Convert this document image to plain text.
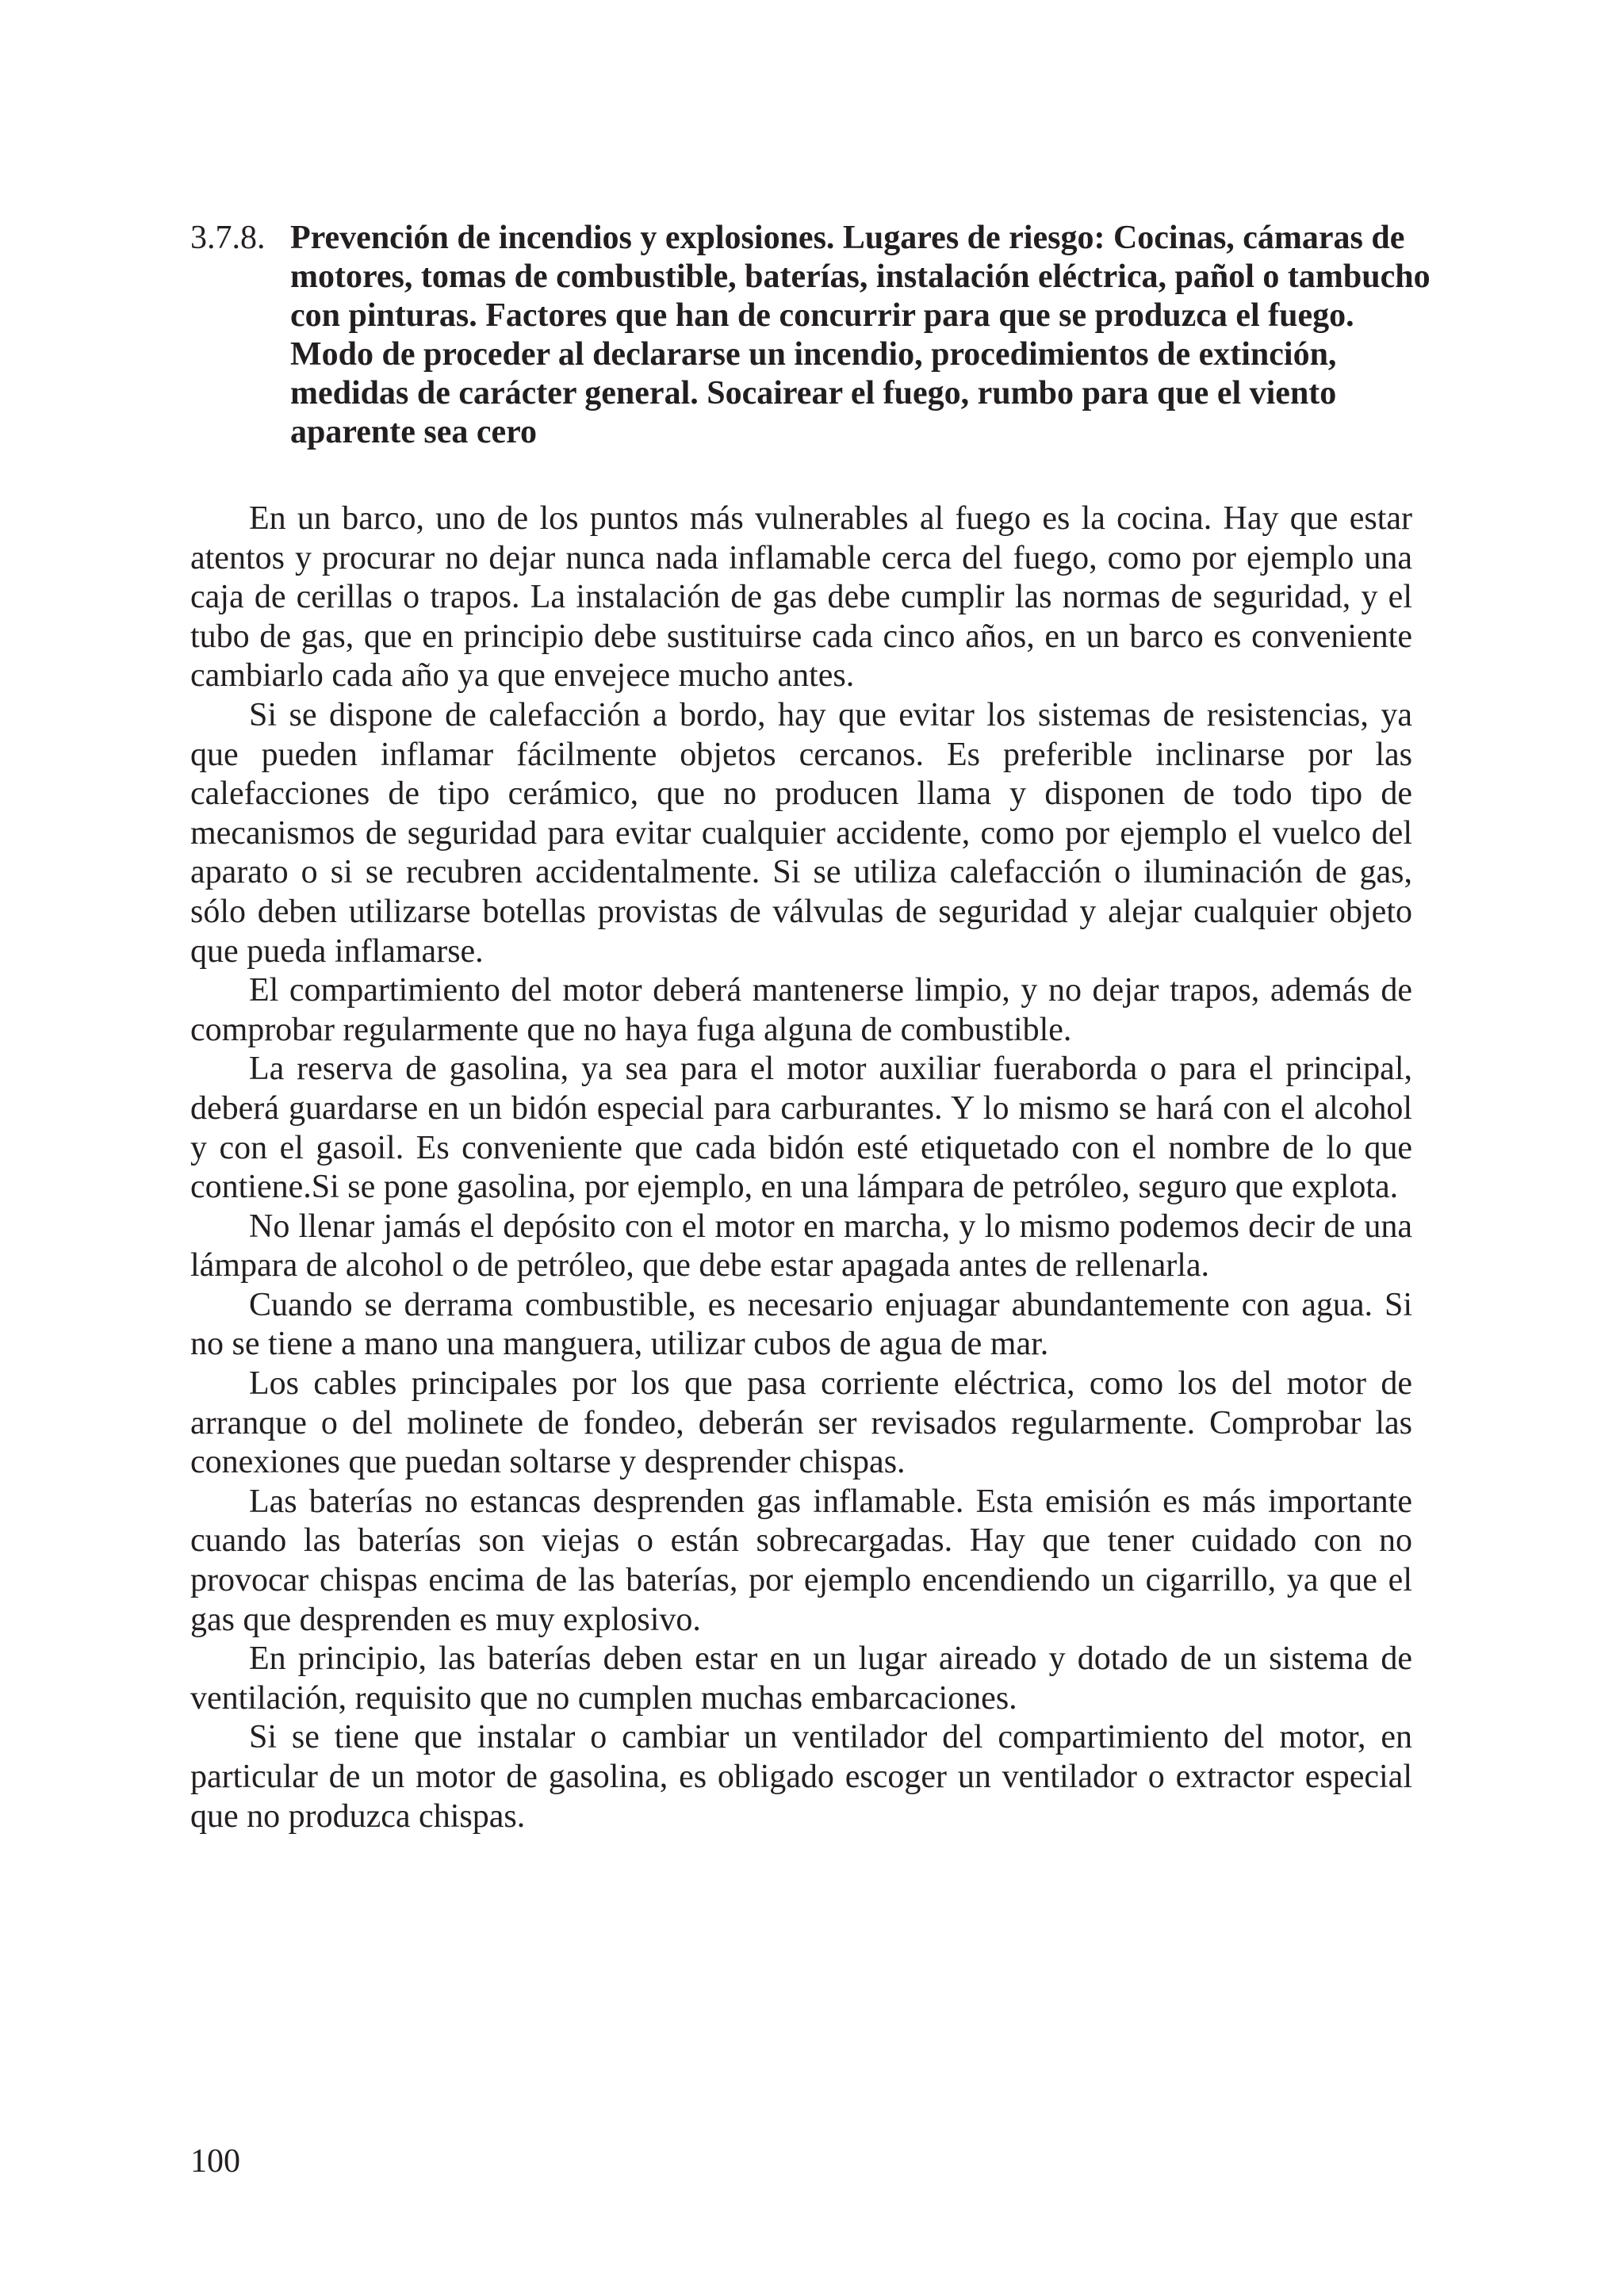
3.7.8. Prevención de incendios y explosiones. Lugares de riesgo: Cocinas, cámaras de motores, tomas de combustible, baterías, instalación eléctrica, pañol o tambucho con pinturas. Factores que han de concurrir para que se produzca el fuego. Modo de proceder al declararse un incendio, procedimientos de extinción, medidas de carácter general. Socairear el fuego, rumbo para que el viento aparente sea cero

En un barco, uno de los puntos más vulnerables al fuego es la cocina. Hay que estar atentos y procurar no dejar nunca nada inflamable cerca del fuego, como por ejemplo una caja de cerillas o trapos. La instalación de gas debe cumplir las normas de seguridad, y el tubo de gas, que en principio debe sustituirse cada cinco años, en un barco es conveniente cambiarlo cada año ya que envejece mucho antes.

Si se dispone de calefacción a bordo, hay que evitar los sistemas de resistencias, ya que pueden inflamar fácilmente objetos cercanos. Es preferible inclinarse por las calefacciones de tipo cerámico, que no producen llama y disponen de todo tipo de mecanismos de seguridad para evitar cualquier accidente, como por ejemplo el vuelco del aparato o si se recubren accidentalmente. Si se utiliza calefacción o iluminación de gas, sólo deben utilizarse botellas provistas de válvulas de seguridad y alejar cualquier objeto que pueda inflamarse.

El compartimiento del motor deberá mantenerse limpio, y no dejar trapos, además de comprobar regularmente que no haya fuga alguna de combustible.

La reserva de gasolina, ya sea para el motor auxiliar fueraborda o para el principal, deberá guardarse en un bidón especial para carburantes. Y lo mismo se hará con el alcohol y con el gasoil. Es conveniente que cada bidón esté etiquetado con el nombre de lo que contiene.Si se pone gasolina, por ejemplo, en una lámpara de petróleo, seguro que explota.

No llenar jamás el depósito con el motor en marcha, y lo mismo podemos decir de una lámpara de alcohol o de petróleo, que debe estar apagada antes de rellenarla.

Cuando se derrama combustible, es necesario enjuagar abundantemente con agua. Si no se tiene a mano una manguera, utilizar cubos de agua de mar.

Los cables principales por los que pasa corriente eléctrica, como los del motor de arranque o del molinete de fondeo, deberán ser revisados regularmente. Comprobar las conexiones que puedan soltarse y desprender chispas.

Las baterías no estancas desprenden gas inflamable. Esta emisión es más importante cuando las baterías son viejas o están sobrecargadas. Hay que tener cuidado con no provocar chispas encima de las baterías, por ejemplo encendiendo un cigarrillo, ya que el gas que desprenden es muy explosivo.

En principio, las baterías deben estar en un lugar aireado y dotado de un sistema de ventilación, requisito que no cumplen muchas embarcaciones.

Si se tiene que instalar o cambiar un ventilador del compartimiento del motor, en particular de un motor de gasolina, es obligado escoger un ventilador o extractor especial que no produzca chispas.

100
